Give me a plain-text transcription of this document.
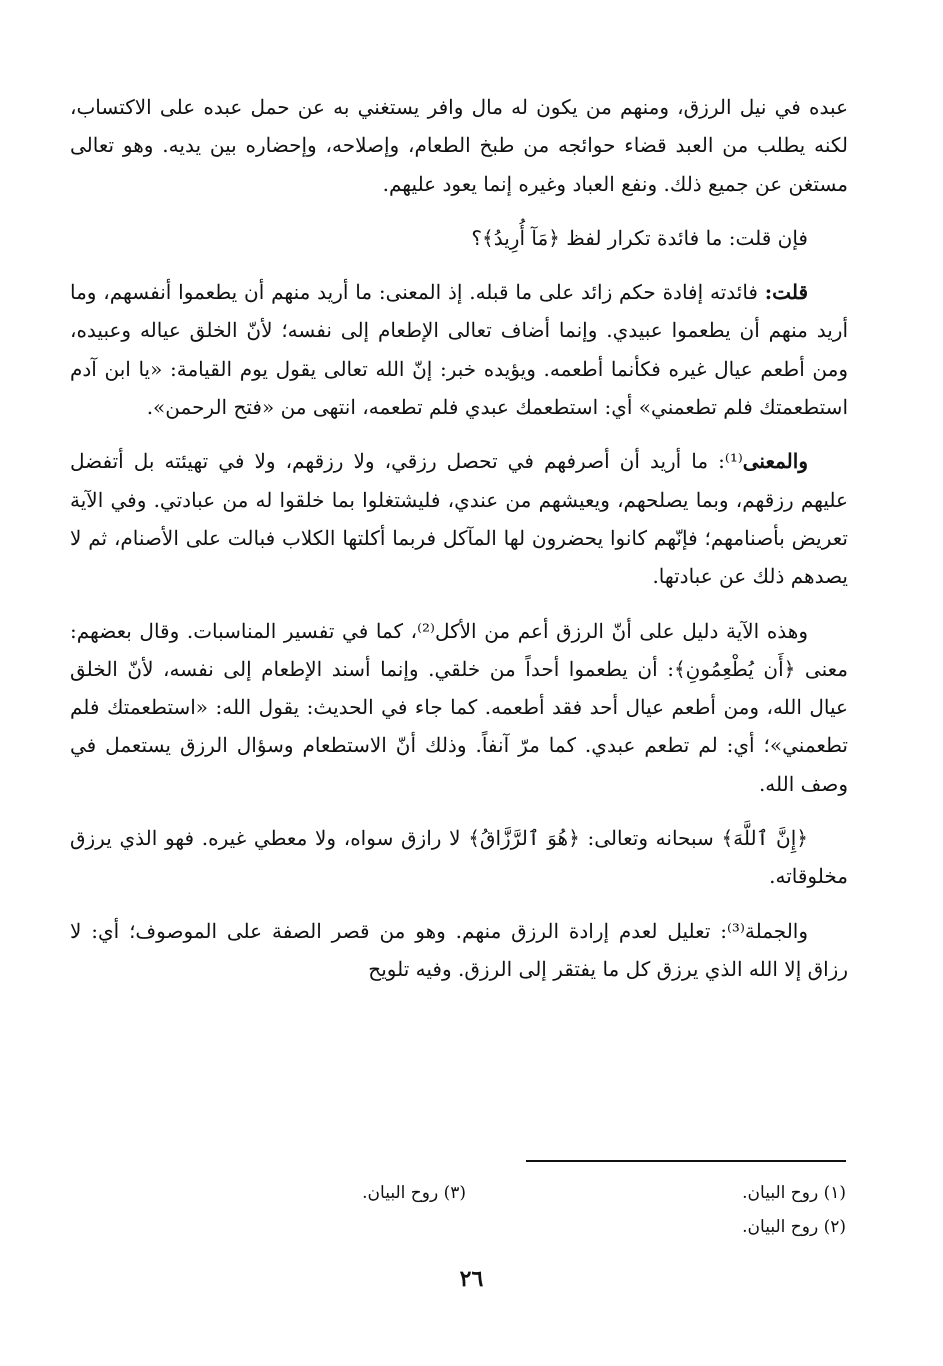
عبده في نيل الرزق، ومنهم من يكون له مال وافر يستغني به عن حمل عبده على الاكتساب، لكنه يطلب من العبد قضاء حوائجه من طبخ الطعام، وإصلاحه، وإحضاره بين يديه. وهو تعالى مستغن عن جميع ذلك. ونفع العباد وغيره إنما يعود عليهم.

فإن قلت: ما فائدة تكرار لفظ ﴿مَآ أُرِيدُ﴾؟

قلت: فائدته إفادة حكم زائد على ما قبله. إذ المعنى: ما أريد منهم أن يطعموا أنفسهم، وما أريد منهم أن يطعموا عبيدي. وإنما أضاف تعالى الإطعام إلى نفسه؛ لأنّ الخلق عياله وعبيده، ومن أطعم عيال غيره فكأنما أطعمه. ويؤيده خبر: إنّ الله تعالى يقول يوم القيامة: «يا ابن آدم استطعمتك فلم تطعمني» أي: استطعمك عبدي فلم تطعمه، انتهى من «فتح الرحمن».

والمعنى⁽¹⁾: ما أريد أن أصرفهم في تحصل رزقي، ولا رزقهم، ولا في تهيئته بل أتفضل عليهم رزقهم، وبما يصلحهم، ويعيشهم من عندي، فليشتغلوا بما خلقوا له من عبادتي. وفي الآية تعريض بأصنامهم؛ فإنّهم كانوا يحضرون لها المآكل فربما أكلتها الكلاب فبالت على الأصنام، ثم لا يصدهم ذلك عن عبادتها.

وهذه الآية دليل على أنّ الرزق أعم من الأكل⁽²⁾، كما في تفسير المناسبات. وقال بعضهم: معنى ﴿أَن يُطْعِمُونِ﴾: أن يطعموا أحداً من خلقي. وإنما أسند الإطعام إلى نفسه، لأنّ الخلق عيال الله، ومن أطعم عيال أحد فقد أطعمه. كما جاء في الحديث: يقول الله: «استطعمتك فلم تطعمني»؛ أي: لم تطعم عبدي. كما مرّ آنفاً. وذلك أنّ الاستطعام وسؤال الرزق يستعمل في وصف الله.

﴿إِنَّ ٱللَّهَ﴾ سبحانه وتعالى: ﴿هُوَ ٱلرَّزَّاقُ﴾ لا رازق سواه، ولا معطي غيره. فهو الذي يرزق مخلوقاته.

والجملة⁽³⁾: تعليل لعدم إرادة الرزق منهم. وهو من قصر الصفة على الموصوف؛ أي: لا رزاق إلا الله الذي يرزق كل ما يفتقر إلى الرزق. وفيه تلويح

(١) روح البيان.
(٣) روح البيان.
(٢) روح البيان.
٢٦
